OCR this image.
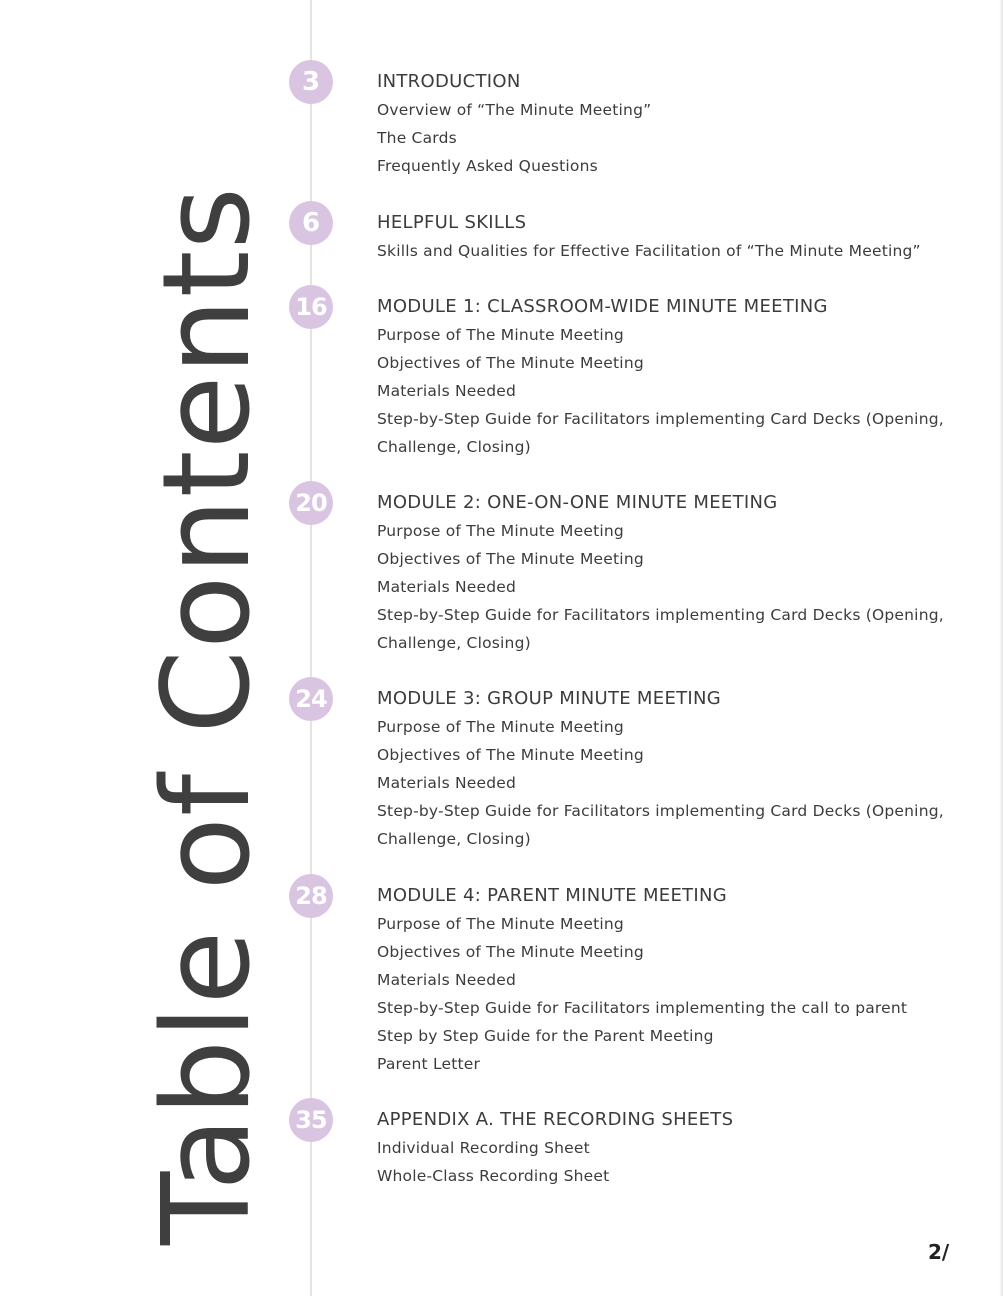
Table of Contents
3	INTRODUCTION
Overview of “The Minute Meeting”
The Cards
Frequently Asked Questions
6	HELPFUL SKILLS
Skills and Qualities for Effective Facilitation of “The Minute Meeting”
16	MODULE 1: CLASSROOM-WIDE MINUTE MEETING
Purpose of The Minute Meeting
Objectives of The Minute Meeting
Materials Needed
Step-by-Step Guide for Facilitators implementing Card Decks (Opening,
Challenge, Closing)
20	MODULE 2: ONE-ON-ONE MINUTE MEETING
Purpose of The Minute Meeting
Objectives of The Minute Meeting
Materials Needed
Step-by-Step Guide for Facilitators implementing Card Decks (Opening,
Challenge, Closing)
24	MODULE 3: GROUP MINUTE MEETING
Purpose of The Minute Meeting
Objectives of The Minute Meeting
Materials Needed
Step-by-Step Guide for Facilitators implementing Card Decks (Opening,
Challenge, Closing)
28	MODULE 4: PARENT MINUTE MEETING
Purpose of The Minute Meeting
Objectives of The Minute Meeting
Materials Needed
Step-by-Step Guide for Facilitators implementing the call to parent
Step by Step Guide for the Parent Meeting
Parent Letter
35	APPENDIX A. THE RECORDING SHEETS
Individual Recording Sheet
Whole-Class Recording Sheet
2/
